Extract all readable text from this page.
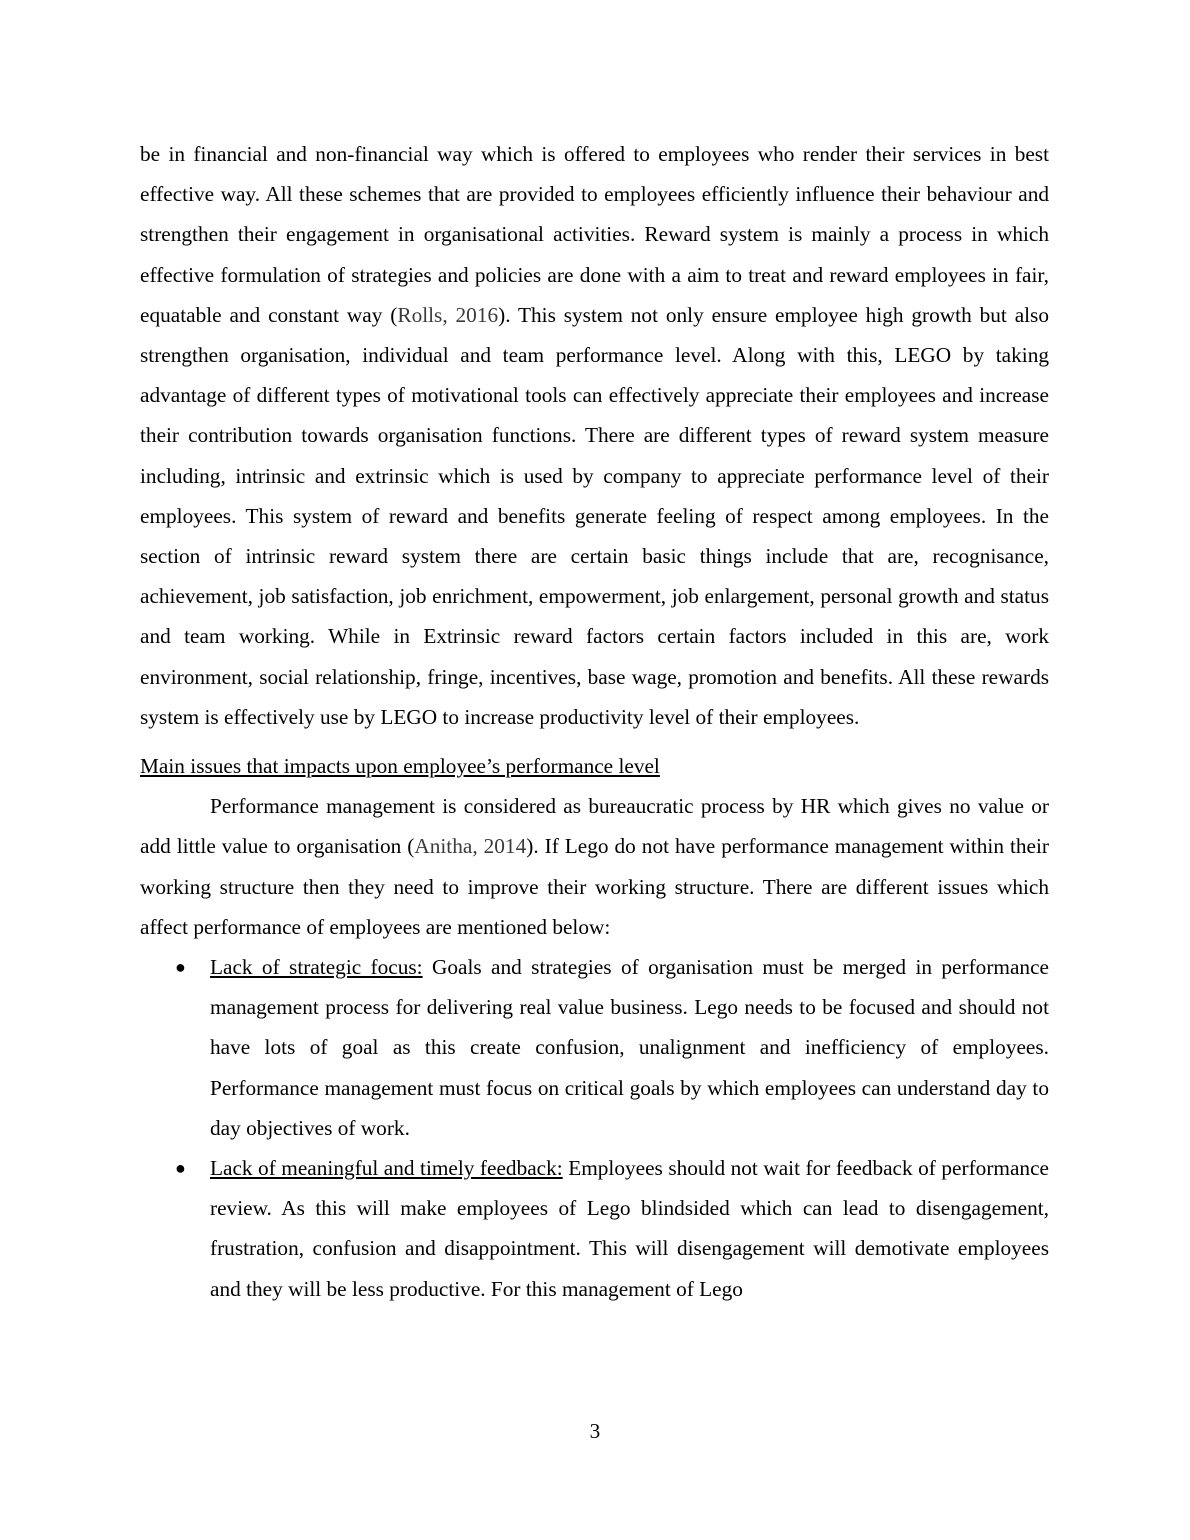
be in financial and non-financial way which is offered to employees who render their services in best effective way. All these schemes that are provided to employees efficiently influence their behaviour and strengthen their engagement in organisational activities. Reward system is mainly a process in which effective formulation of strategies and policies are done with a aim to treat and reward employees in fair, equatable and constant way (Rolls, 2016). This system not only ensure employee high growth but also strengthen organisation, individual and team performance level. Along with this, LEGO by taking advantage of different types of motivational tools can effectively appreciate their employees and increase their contribution towards organisation functions. There are different types of reward system measure including, intrinsic and extrinsic which is used by company to appreciate performance level of their employees. This system of reward and benefits generate feeling of respect among employees. In the section of intrinsic reward system there are certain basic things include that are, recognisance, achievement, job satisfaction, job enrichment, empowerment, job enlargement, personal growth and status and team working. While in Extrinsic reward factors certain factors included in this are, work environment, social relationship, fringe, incentives, base wage, promotion and benefits. All these rewards system is effectively use by LEGO to increase productivity level of their employees.

Main issues that impacts upon employee’s performance level

Performance management is considered as bureaucratic process by HR which gives no value or add little value to organisation (Anitha, 2014). If Lego do not have performance management within their working structure then they need to improve their working structure. There are different issues which affect performance of employees are mentioned below:

● Lack of strategic focus: Goals and strategies of organisation must be merged in performance management process for delivering real value business. Lego needs to be focused and should not have lots of goal as this create confusion, unalignment and inefficiency of employees. Performance management must focus on critical goals by which employees can understand day to day objectives of work.
● Lack of meaningful and timely feedback: Employees should not wait for feedback of performance review. As this will make employees of Lego blindsided which can lead to disengagement, frustration, confusion and disappointment. This will disengagement will demotivate employees and they will be less productive. For this management of Lego
3
